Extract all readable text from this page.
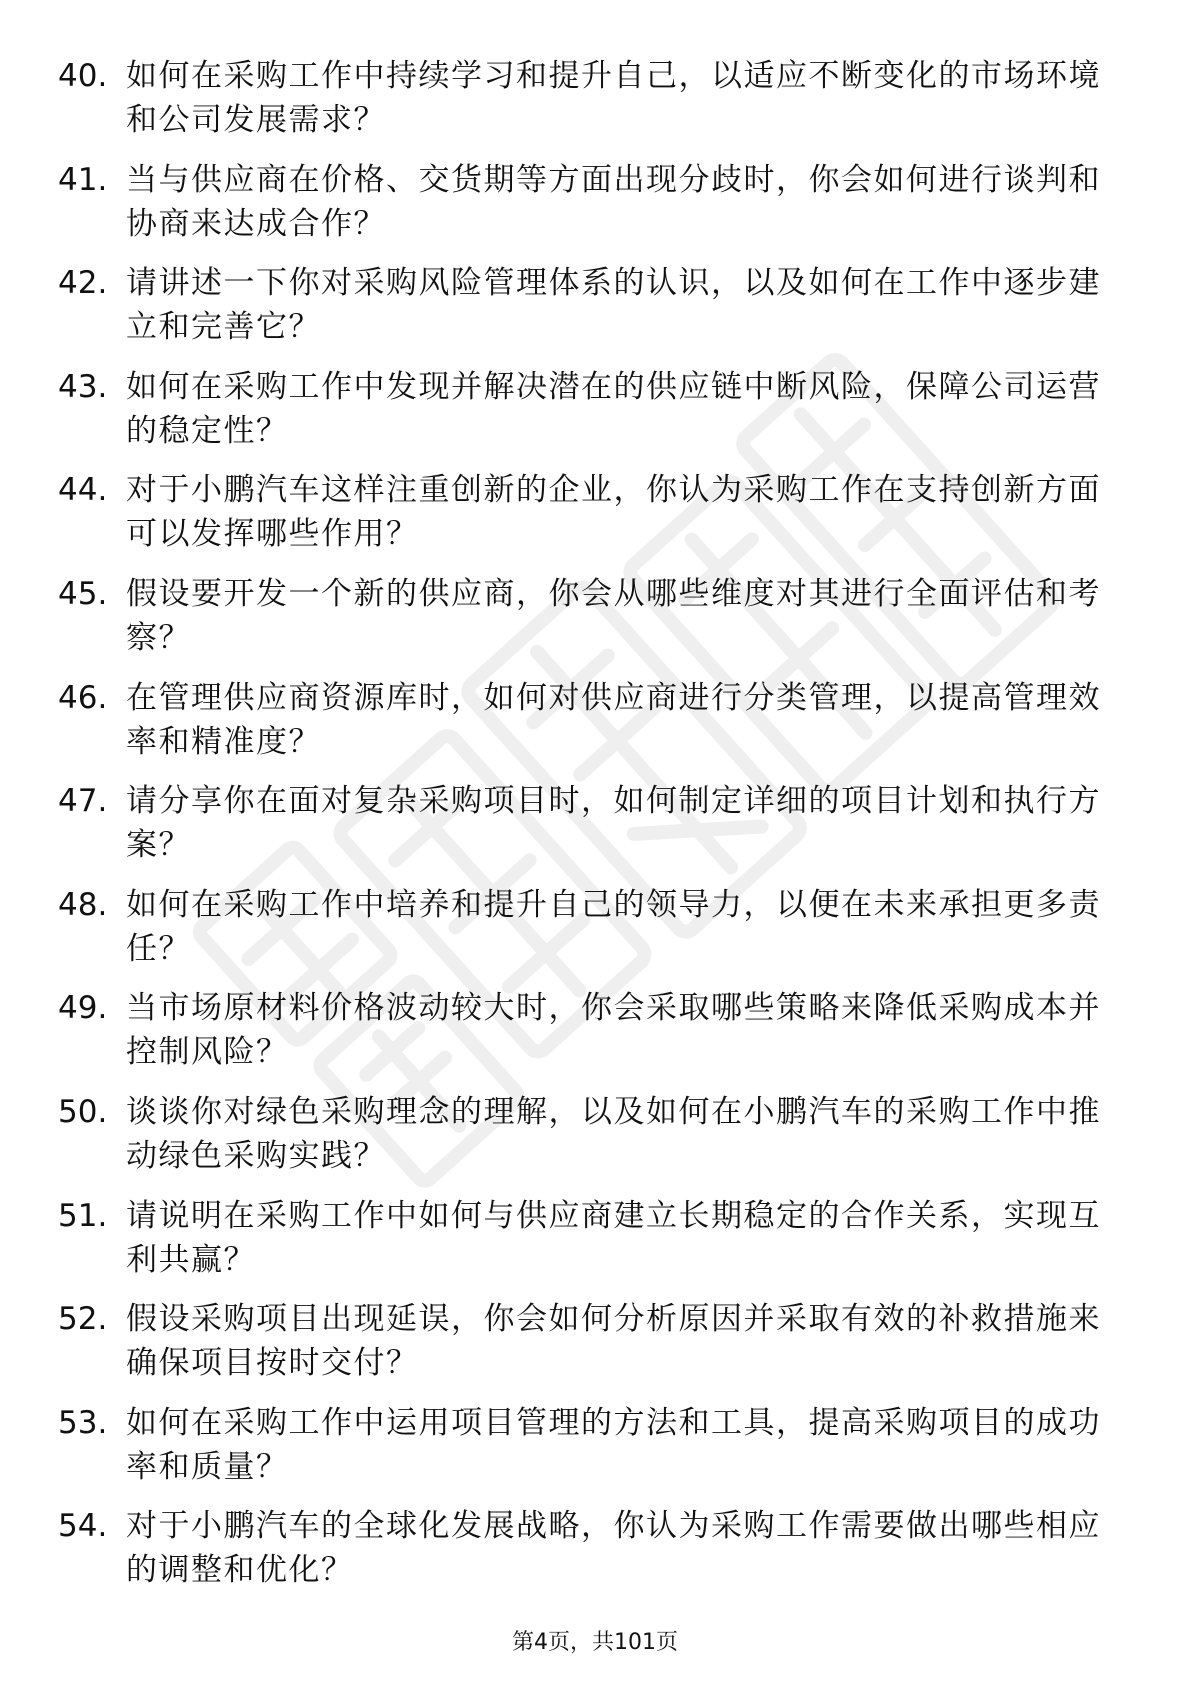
40. 如何在采购工作中持续学习和提升自己，以适应不断变化的市场环境和公司发展需求？
41. 当与供应商在价格、交货期等方面出现分歧时，你会如何进行谈判和协商来达成合作？
42. 请讲述一下你对采购风险管理体系的认识，以及如何在工作中逐步建立和完善它？
43. 如何在采购工作中发现并解决潜在的供应链中断风险，保障公司运营的稳定性？
44. 对于小鹏汽车这样注重创新的企业，你认为采购工作在支持创新方面可以发挥哪些作用？
45. 假设要开发一个新的供应商，你会从哪些维度对其进行全面评估和考察？
46. 在管理供应商资源库时，如何对供应商进行分类管理，以提高管理效率和精准度？
47. 请分享你在面对复杂采购项目时，如何制定详细的项目计划和执行方案？
48. 如何在采购工作中培养和提升自己的领导力，以便在未来承担更多责任？
49. 当市场原材料价格波动较大时，你会采取哪些策略来降低采购成本并控制风险？
50. 谈谈你对绿色采购理念的理解，以及如何在小鹏汽车的采购工作中推动绿色采购实践？
51. 请说明在采购工作中如何与供应商建立长期稳定的合作关系，实现互利共赢？
52. 假设采购项目出现延误，你会如何分析原因并采取有效的补救措施来确保项目按时交付？
53. 如何在采购工作中运用项目管理的方法和工具，提高采购项目的成功率和质量？
54. 对于小鹏汽车的全球化发展战略，你认为采购工作需要做出哪些相应的调整和优化？
第4页，共101页
